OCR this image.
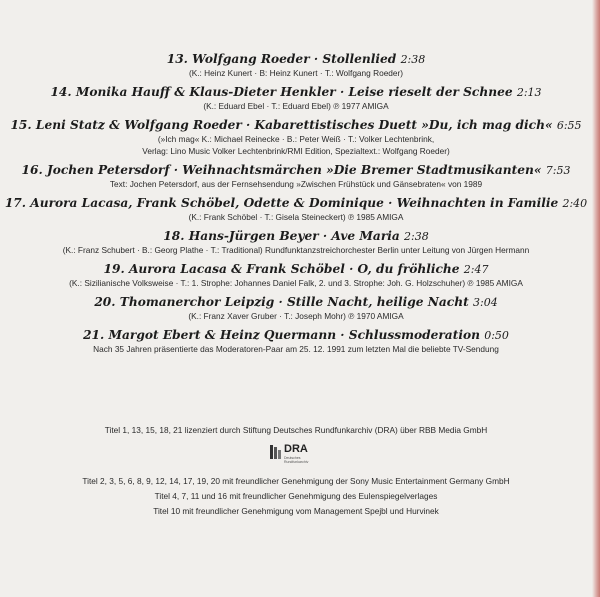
13. Wolfgang Roeder · Stollenlied 2:38
(K.: Heinz Kunert · B: Heinz Kunert · T.: Wolfgang Roeder)
14. Monika Hauff & Klaus-Dieter Henkler · Leise rieselt der Schnee 2:13
(K.: Eduard Ebel · T.: Eduard Ebel) ℗ 1977 AMIGA
15. Leni Statz & Wolfgang Roeder · Kabarettistisches Duett »Du, ich mag dich« 6:55
(»Ich mag« K.: Michael Reinecke · B.: Peter Weiß · T.: Volker Lechtenbrink,
Verlag: Lino Music Volker Lechtenbrink/RMI Edition, Spezialtext.: Wolfgang Roeder)
16. Jochen Petersdorf · Weihnachtsmärchen »Die Bremer Stadtmusikanten« 7:53
Text: Jochen Petersdorf, aus der Fernsehsendung »Zwischen Frühstück und Gänsebraten« von 1989
17. Aurora Lacasa, Frank Schöbel, Odette & Dominique · Weihnachten in Familie 2:40
(K.: Frank Schöbel · T.: Gisela Steineckert) ℗ 1985 AMIGA
18. Hans-Jürgen Beyer · Ave Maria 2:38
(K.: Franz Schubert · B.: Georg Plathe · T.: Traditional) Rundfunktanzstreichorchester Berlin unter Leitung von Jürgen Hermann
19. Aurora Lacasa & Frank Schöbel · O, du fröhliche 2:47
(K.: Sizilianische Volksweise · T.: 1. Strophe: Johannes Daniel Falk, 2. und 3. Strophe: Joh. G. Holzschuher) ℗ 1985 AMIGA
20. Thomanerchor Leipzig · Stille Nacht, heilige Nacht 3:04
(K.: Franz Xaver Gruber · T.: Joseph Mohr) ℗ 1970 AMIGA
21. Margot Ebert & Heinz Quermann · Schlussmoderation 0:50
Nach 35 Jahren präsentierte das Moderatoren-Paar am 25. 12. 1991 zum letzten Mal die beliebte TV-Sendung
Titel 1, 13, 15, 18, 21 lizenziert durch Stiftung Deutsches Rundfunkarchiv (DRA) über RBB Media GmbH
DRA
Deutsches Rundfunkarchiv
Titel 2, 3, 5, 6, 8, 9, 12, 14, 17, 19, 20 mit freundlicher Genehmigung der Sony Music Entertainment Germany GmbH
Titel 4, 7, 11 und 16 mit freundlicher Genehmigung des Eulenspiegelverlages
Titel 10 mit freundlicher Genehmigung vom Management Spejbl und Hurvinek
